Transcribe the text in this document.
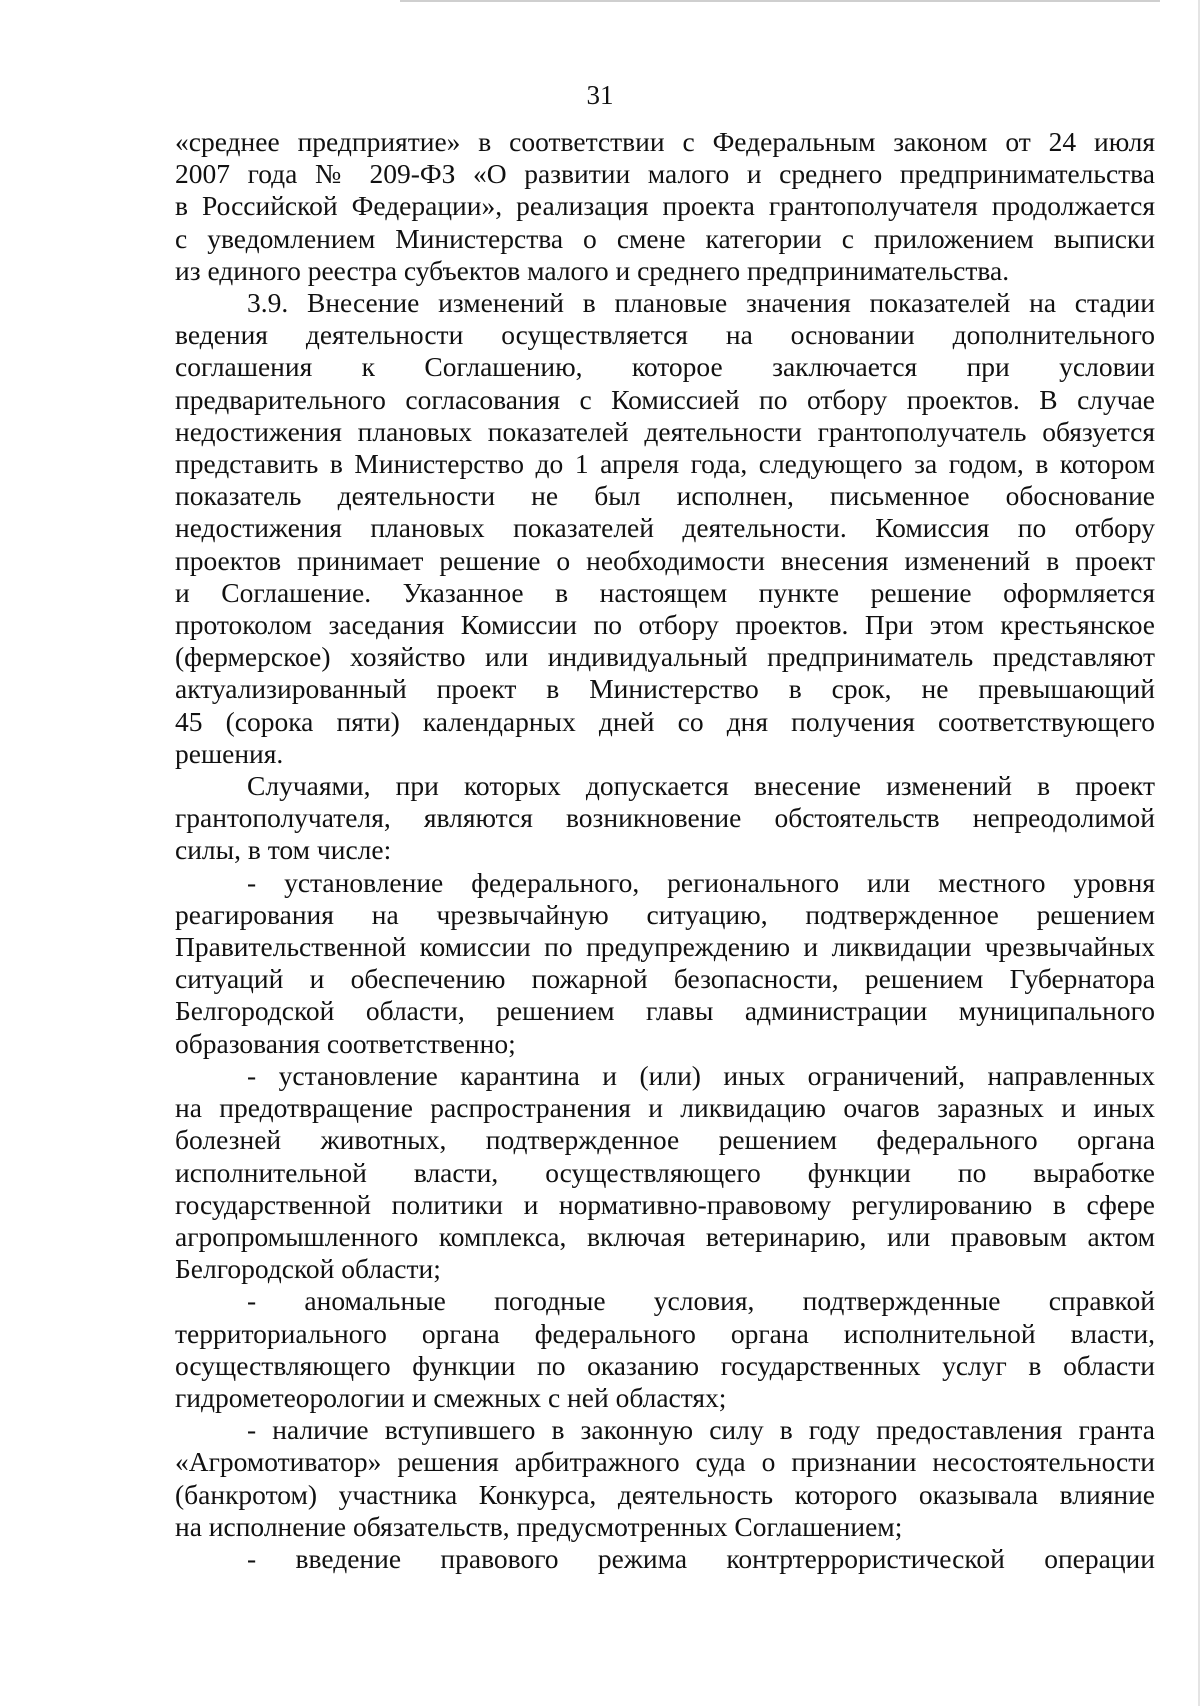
31

«среднее предприятие» в соответствии с Федеральным законом от 24 июля
2007 года № 209-ФЗ «О развитии малого и среднего предпринимательства
в Российской Федерации», реализация проекта грантополучателя продолжается
с уведомлением Министерства о смене категории с приложением выписки
из единого реестра субъектов малого и среднего предпринимательства.

3.9. Внесение изменений в плановые значения показателей на стадии
ведения деятельности осуществляется на основании дополнительного
соглашения к Соглашению, которое заключается при условии
предварительного согласования с Комиссией по отбору проектов. В случае
недостижения плановых показателей деятельности грантополучатель обязуется
представить в Министерство до 1 апреля года, следующего за годом, в котором
показатель деятельности не был исполнен, письменное обоснование
недостижения плановых показателей деятельности. Комиссия по отбору
проектов принимает решение о необходимости внесения изменений в проект
и Соглашение. Указанное в настоящем пункте решение оформляется
протоколом заседания Комиссии по отбору проектов. При этом крестьянское
(фермерское) хозяйство или индивидуальный предприниматель представляют
актуализированный проект в Министерство в срок, не превышающий
45 (сорока пяти) календарных дней со дня получения соответствующего
решения.

Случаями, при которых допускается внесение изменений в проект
грантополучателя, являются возникновение обстоятельств непреодолимой
силы, в том числе:

- установление федерального, регионального или местного уровня
реагирования на чрезвычайную ситуацию, подтвержденное решением
Правительственной комиссии по предупреждению и ликвидации чрезвычайных
ситуаций и обеспечению пожарной безопасности, решением Губернатора
Белгородской области, решением главы администрации муниципального
образования соответственно;

- установление карантина и (или) иных ограничений, направленных
на предотвращение распространения и ликвидацию очагов заразных и иных
болезней животных, подтвержденное решением федерального органа
исполнительной власти, осуществляющего функции по выработке
государственной политики и нормативно-правовому регулированию в сфере
агропромышленного комплекса, включая ветеринарию, или правовым актом
Белгородской области;

- аномальные погодные условия, подтвержденные справкой
территориального органа федерального органа исполнительной власти,
осуществляющего функции по оказанию государственных услуг в области
гидрометеорологии и смежных с ней областях;

- наличие вступившего в законную силу в году предоставления гранта
«Агромотиватор» решения арбитражного суда о признании несостоятельности
(банкротом) участника Конкурса, деятельность которого оказывала влияние
на исполнение обязательств, предусмотренных Соглашением;

- введение правового режима контртеррористической операции
